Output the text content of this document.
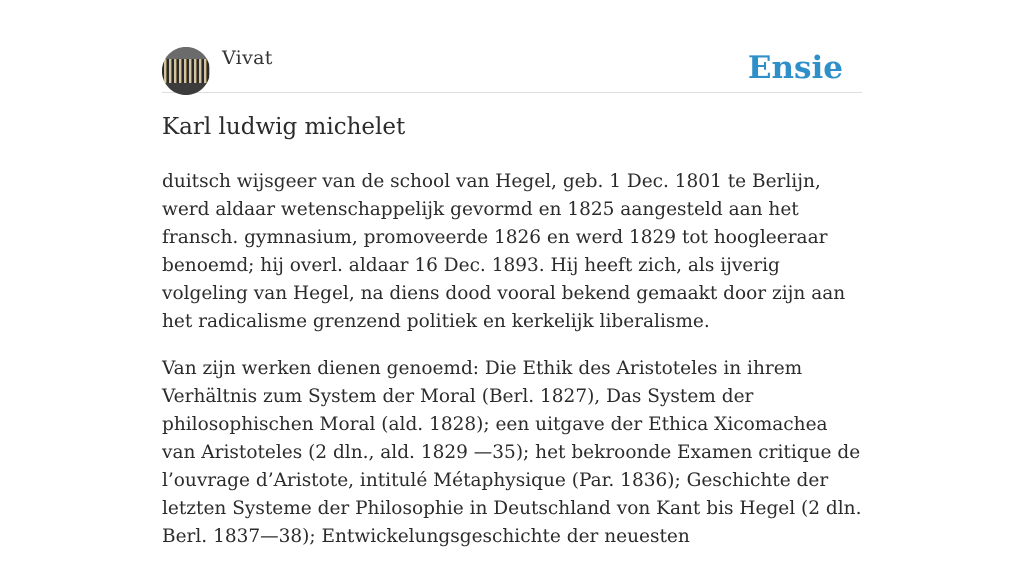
Vivat	Ensie
Karl ludwig michelet

duitsch wijsgeer van de school van Hegel, geb. 1 Dec. 1801 te Berlijn, werd aldaar wetenschappelijk gevormd en 1825 aangesteld aan het fransch. gymnasium, promoveerde 1826 en werd 1829 tot hoogleeraar benoemd; hij overl. aldaar 16 Dec. 1893. Hij heeft zich, als ijverig volgeling van Hegel, na diens dood vooral bekend gemaakt door zijn aan het radicalisme grenzend politiek en kerkelijk liberalisme.

Van zijn werken dienen genoemd: Die Ethik des Aristoteles in ihrem Verhältnis zum System der Moral (Berl. 1827), Das System der philosophischen Moral (ald. 1828); een uitgave der Ethica Xicomachea van Aristoteles (2 dln., ald. 1829 —35); het bekroonde Examen critique de l’ouvrage d’Aristote, intitulé Métaphysique (Par. 1836); Geschichte der letzten Systeme der Philosophie in Deutschland von Kant bis Hegel (2 dln. Berl. 1837—38); Entwickelungsgeschichte der neuesten
